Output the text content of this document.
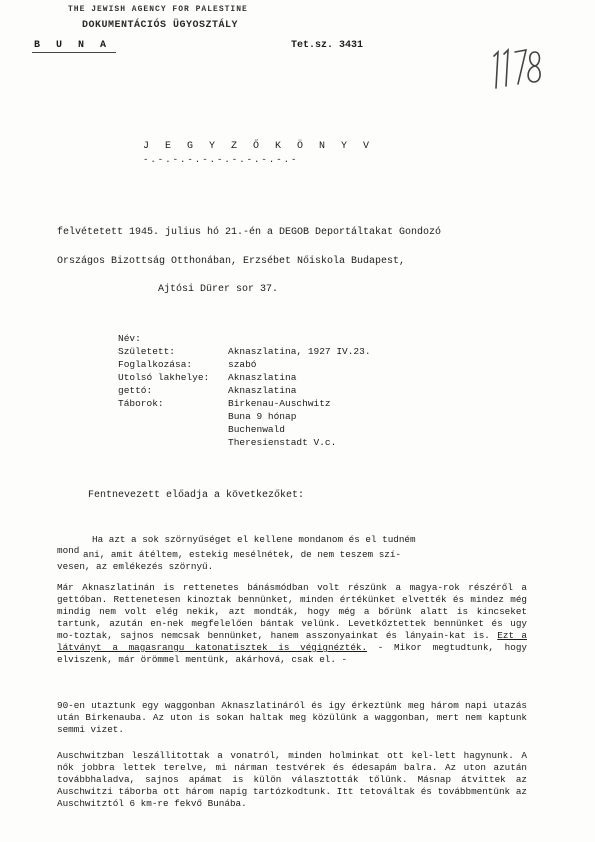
THE JEWISH AGENCY FOR PALESTINE
DOKUMENTÁCIÓS ÜGYOSZTÁLY
B U N A	Tet.sz. 3431	1178
J E G Y Z Ő K Ö N Y V
-.-.-.-.-.-.-.-.-.-.-
felvétetett 1945. julius hó 21.-én a DEGOB Deportáltakat Gondozó
Országos Bizottság Otthonában, Erzsébet Nőiskola Budapest,
Ajtósi Dürer sor 37.
Név:
Született:	Aknaszlatina, 1927 IV.23.
Foglalkozása:	szabó
Utolsó lakhelye: Aknaszlatina
gettó:	Aknaszlatina
Táborok:	Birkenau-Auschwitz
Buna 9 hónap
Buchenwald
Theresienstadt V.c.
Fentnevezett előadja a következőket:
Ha azt a sok szörnyűséget el kellene mondanom és el tudném
mond ani, amit átéltem, estekig mesélnétek, de nem teszem szí-
vesen, az emlékezés szörnyű.
Már Aknaszlatinán is rettenetes bánásmódban volt részünk a magya-rok részéről a gettóban. Rettenetesen kinoztak bennünket, minden értékünket elvették és mindez még mindig nem volt elég nekik, azt mondták, hogy még a bőrünk alatt is kincseket tartunk, azután en-nek megfelelően bántak velünk. Levetkőztettek bennünket és ugy mo-toztak, sajnos nemcsak bennünket, hanem asszonyainkat és lányain-kat is. Ezt a látványt a magasrangu katonatisztek is végignézték. - Mikor megtudtunk, hogy elviszenk, már örömmel mentünk, akárhová, csak el. -
90-en utaztunk egy waggonban Aknaszlatináról és igy érkeztünk meg három napi utazás után Birkenauba. Az uton is sokan haltak meg közülünk a waggonban, mert nem kaptunk semmi vizet.
Auschwitzban leszállitottak a vonatról, minden holminkat ott kel-lett hagynunk. A nők jobbra lettek terelve, mi nárman testvérek és édesapám balra. Az uton azután továbbhaladva, sajnos apámat is külön választották tőlünk. Másnap átvittek az Auschwitzi táborba ott három napig tartózkodtunk. Itt tetováltak és továbbmentünk az Auschwitztól 6 km-re fekvő Bunába.
